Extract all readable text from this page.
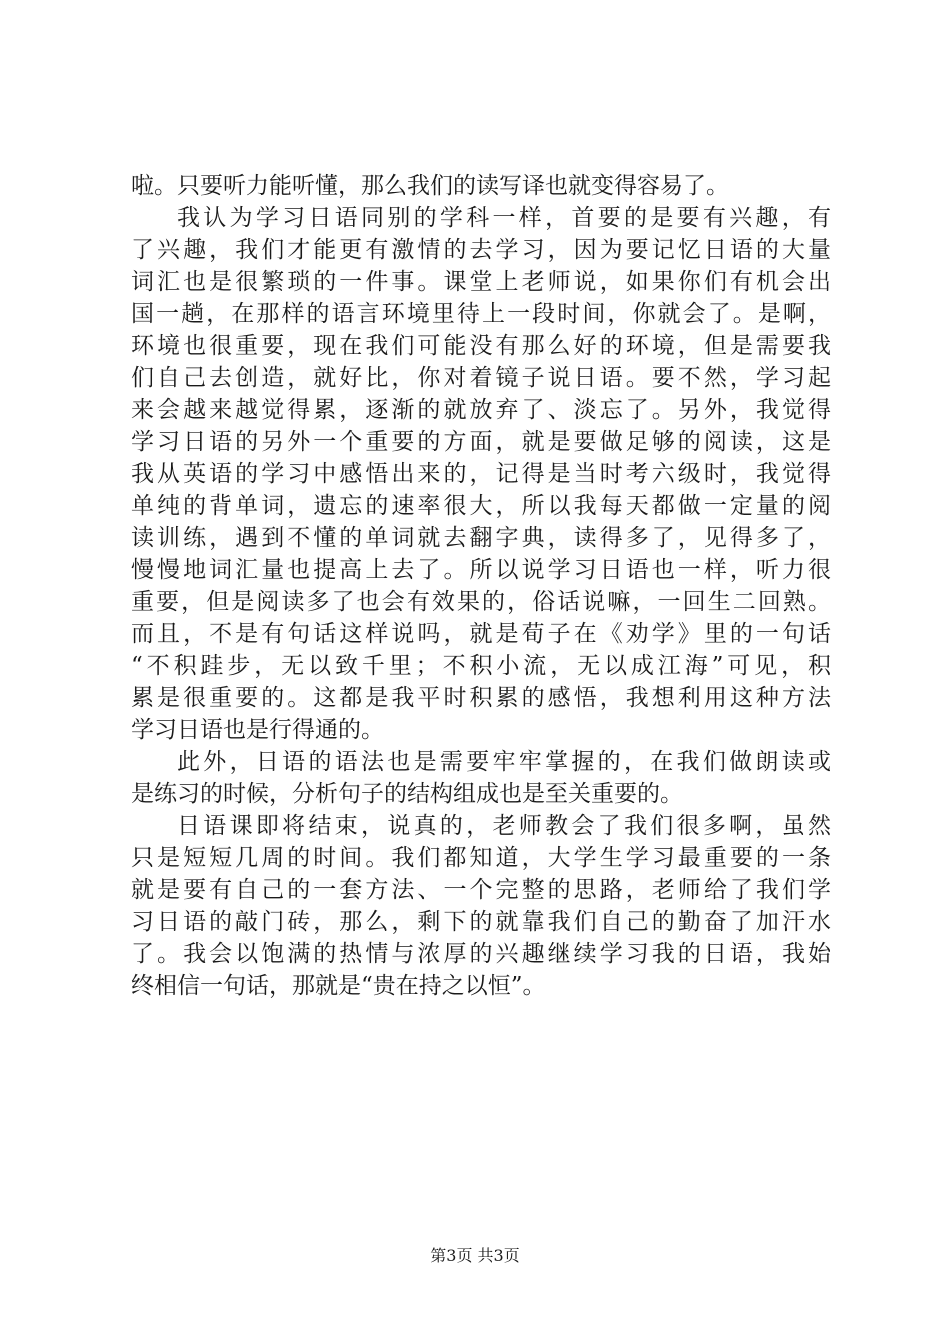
啦。只要听力能听懂，那么我们的读写译也就变得容易了。
我认为学习日语同别的学科一样，首要的是要有兴趣，有
了兴趣，我们才能更有激情的去学习，因为要记忆日语的大量
词汇也是很繁琐的一件事。课堂上老师说，如果你们有机会出
国一趟，在那样的语言环境里待上一段时间，你就会了。是啊，
环境也很重要，现在我们可能没有那么好的环境，但是需要我
们自己去创造，就好比，你对着镜子说日语。要不然，学习起
来会越来越觉得累，逐渐的就放弃了、淡忘了。另外，我觉得
学习日语的另外一个重要的方面，就是要做足够的阅读，这是
我从英语的学习中感悟出来的，记得是当时考六级时，我觉得
单纯的背单词，遗忘的速率很大，所以我每天都做一定量的阅
读训练，遇到不懂的单词就去翻字典，读得多了，见得多了，
慢慢地词汇量也提高上去了。所以说学习日语也一样，听力很
重要，但是阅读多了也会有效果的，俗话说嘛，一回生二回熟。
而且，不是有句话这样说吗，就是荀子在《劝学》里的一句话
“不积跬步，无以致千里；不积小流，无以成江海”可见，积
累是很重要的。这都是我平时积累的感悟，我想利用这种方法
学习日语也是行得通的。
此外，日语的语法也是需要牢牢掌握的，在我们做朗读或
是练习的时候，分析句子的结构组成也是至关重要的。
日语课即将结束，说真的，老师教会了我们很多啊，虽然
只是短短几周的时间。我们都知道，大学生学习最重要的一条
就是要有自己的一套方法、一个完整的思路，老师给了我们学
习日语的敲门砖，那么，剩下的就靠我们自己的勤奋了加汗水
了。我会以饱满的热情与浓厚的兴趣继续学习我的日语，我始
终相信一句话，那就是“贵在持之以恒”。
第3页 共3页
